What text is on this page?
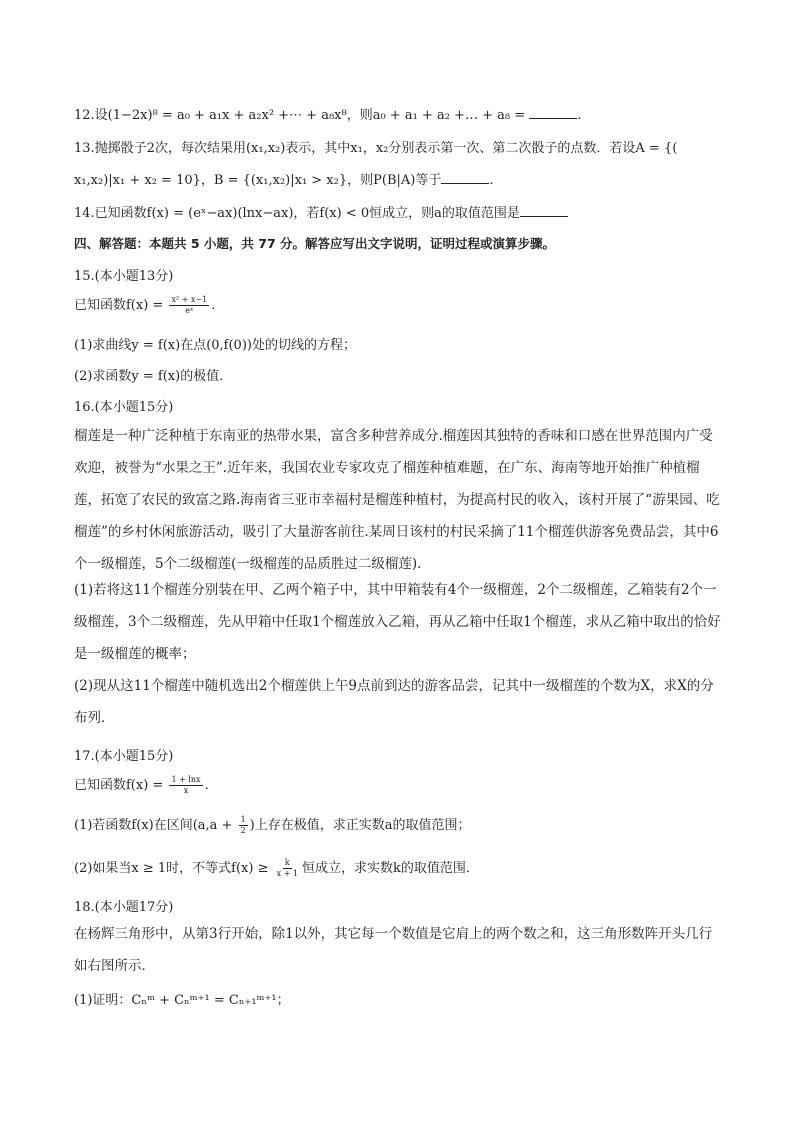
12.设(1−2x)⁸ = a₀ + a₁x + a₂x² +⋯ + a₈x⁸，则a₀ + a₁ + a₂ +… + a₈ =	.
13.抛掷骰子2次，每次结果用(x₁,x₂)表示，其中x₁，x₂分别表示第一次、第二次骰子的点数．若设A = {(
x₁,x₂)|x₁ + x₂ = 10}，B = {(x₁,x₂)|x₁ > x₂}，则P(B|A)等于	.
14.已知函数f(x) = (eˣ−ax)(lnx−ax)，若f(x) < 0恒成立，则a的取值范围是
四、解答题：本题共 5 小题，共 77 分。解答应写出文字说明，证明过程或演算步骤。
15.(本小题13分)
已知函数$f(x) = \frac{\text{x² + x−1}}{\text{eˣ}}$ .
(1)求曲线y = f(x)在点(0,f(0))处的切线的方程；
(2)求函数y = f(x)的极值．
16.(本小题15分)
榴莲是一种广泛种植于东南亚的热带水果，富含多种营养成分.榴莲因其独特的香味和口感在世界范围内广受欢迎，被誉为“水果之王”.近年来，我国农业专家攻克了榴莲种植难题，在广东、海南等地开始推广种植榴莲，拓宽了农民的致富之路.海南省三亚市幸福村是榴莲种植村，为提高村民的收入，该村开展了“游果园、吃榴莲”的乡村休闲旅游活动，吸引了大量游客前往.某周日该村的村民采摘了11个榴莲供游客免费品尝，其中6个一级榴莲，5个二级榴莲(一级榴莲的品质胜过二级榴莲)．
(1)若将这11个榴莲分别装在甲、乙两个箱子中，其中甲箱装有4个一级榴莲，2个二级榴莲，乙箱装有2个一级榴莲，3个二级榴莲，先从甲箱中任取1个榴莲放入乙箱，再从乙箱中任取1个榴莲，求从乙箱中取出的恰好是一级榴莲的概率；
(2)现从这11个榴莲中随机选出2个榴莲供上午9点前到达的游客品尝，记其中一级榴莲的个数为X，求X的分布列．
17.(本小题15分)
已知函数$f(x) = \frac{1 + \ln x}{x}$ .
(1)若函数f(x)在区间($a,a + \frac{1}{2}$ )上存在极值，求正实数a的取值范围；
(2)如果当x ≥ 1时，不等式$f(x) \ge \frac{k}{x + 1}$ 恒成立，求实数k的取值范围．
18.(本小题17分)
在杨辉三角形中，从第3行开始，除1以外，其它每一个数值是它肩上的两个数之和，这三角形数阵开头几行如右图所示．
(1)证明：Cₙᵐ + Cₙᵐ⁺¹ = Cₙ₊₁ᵐ⁺¹；
